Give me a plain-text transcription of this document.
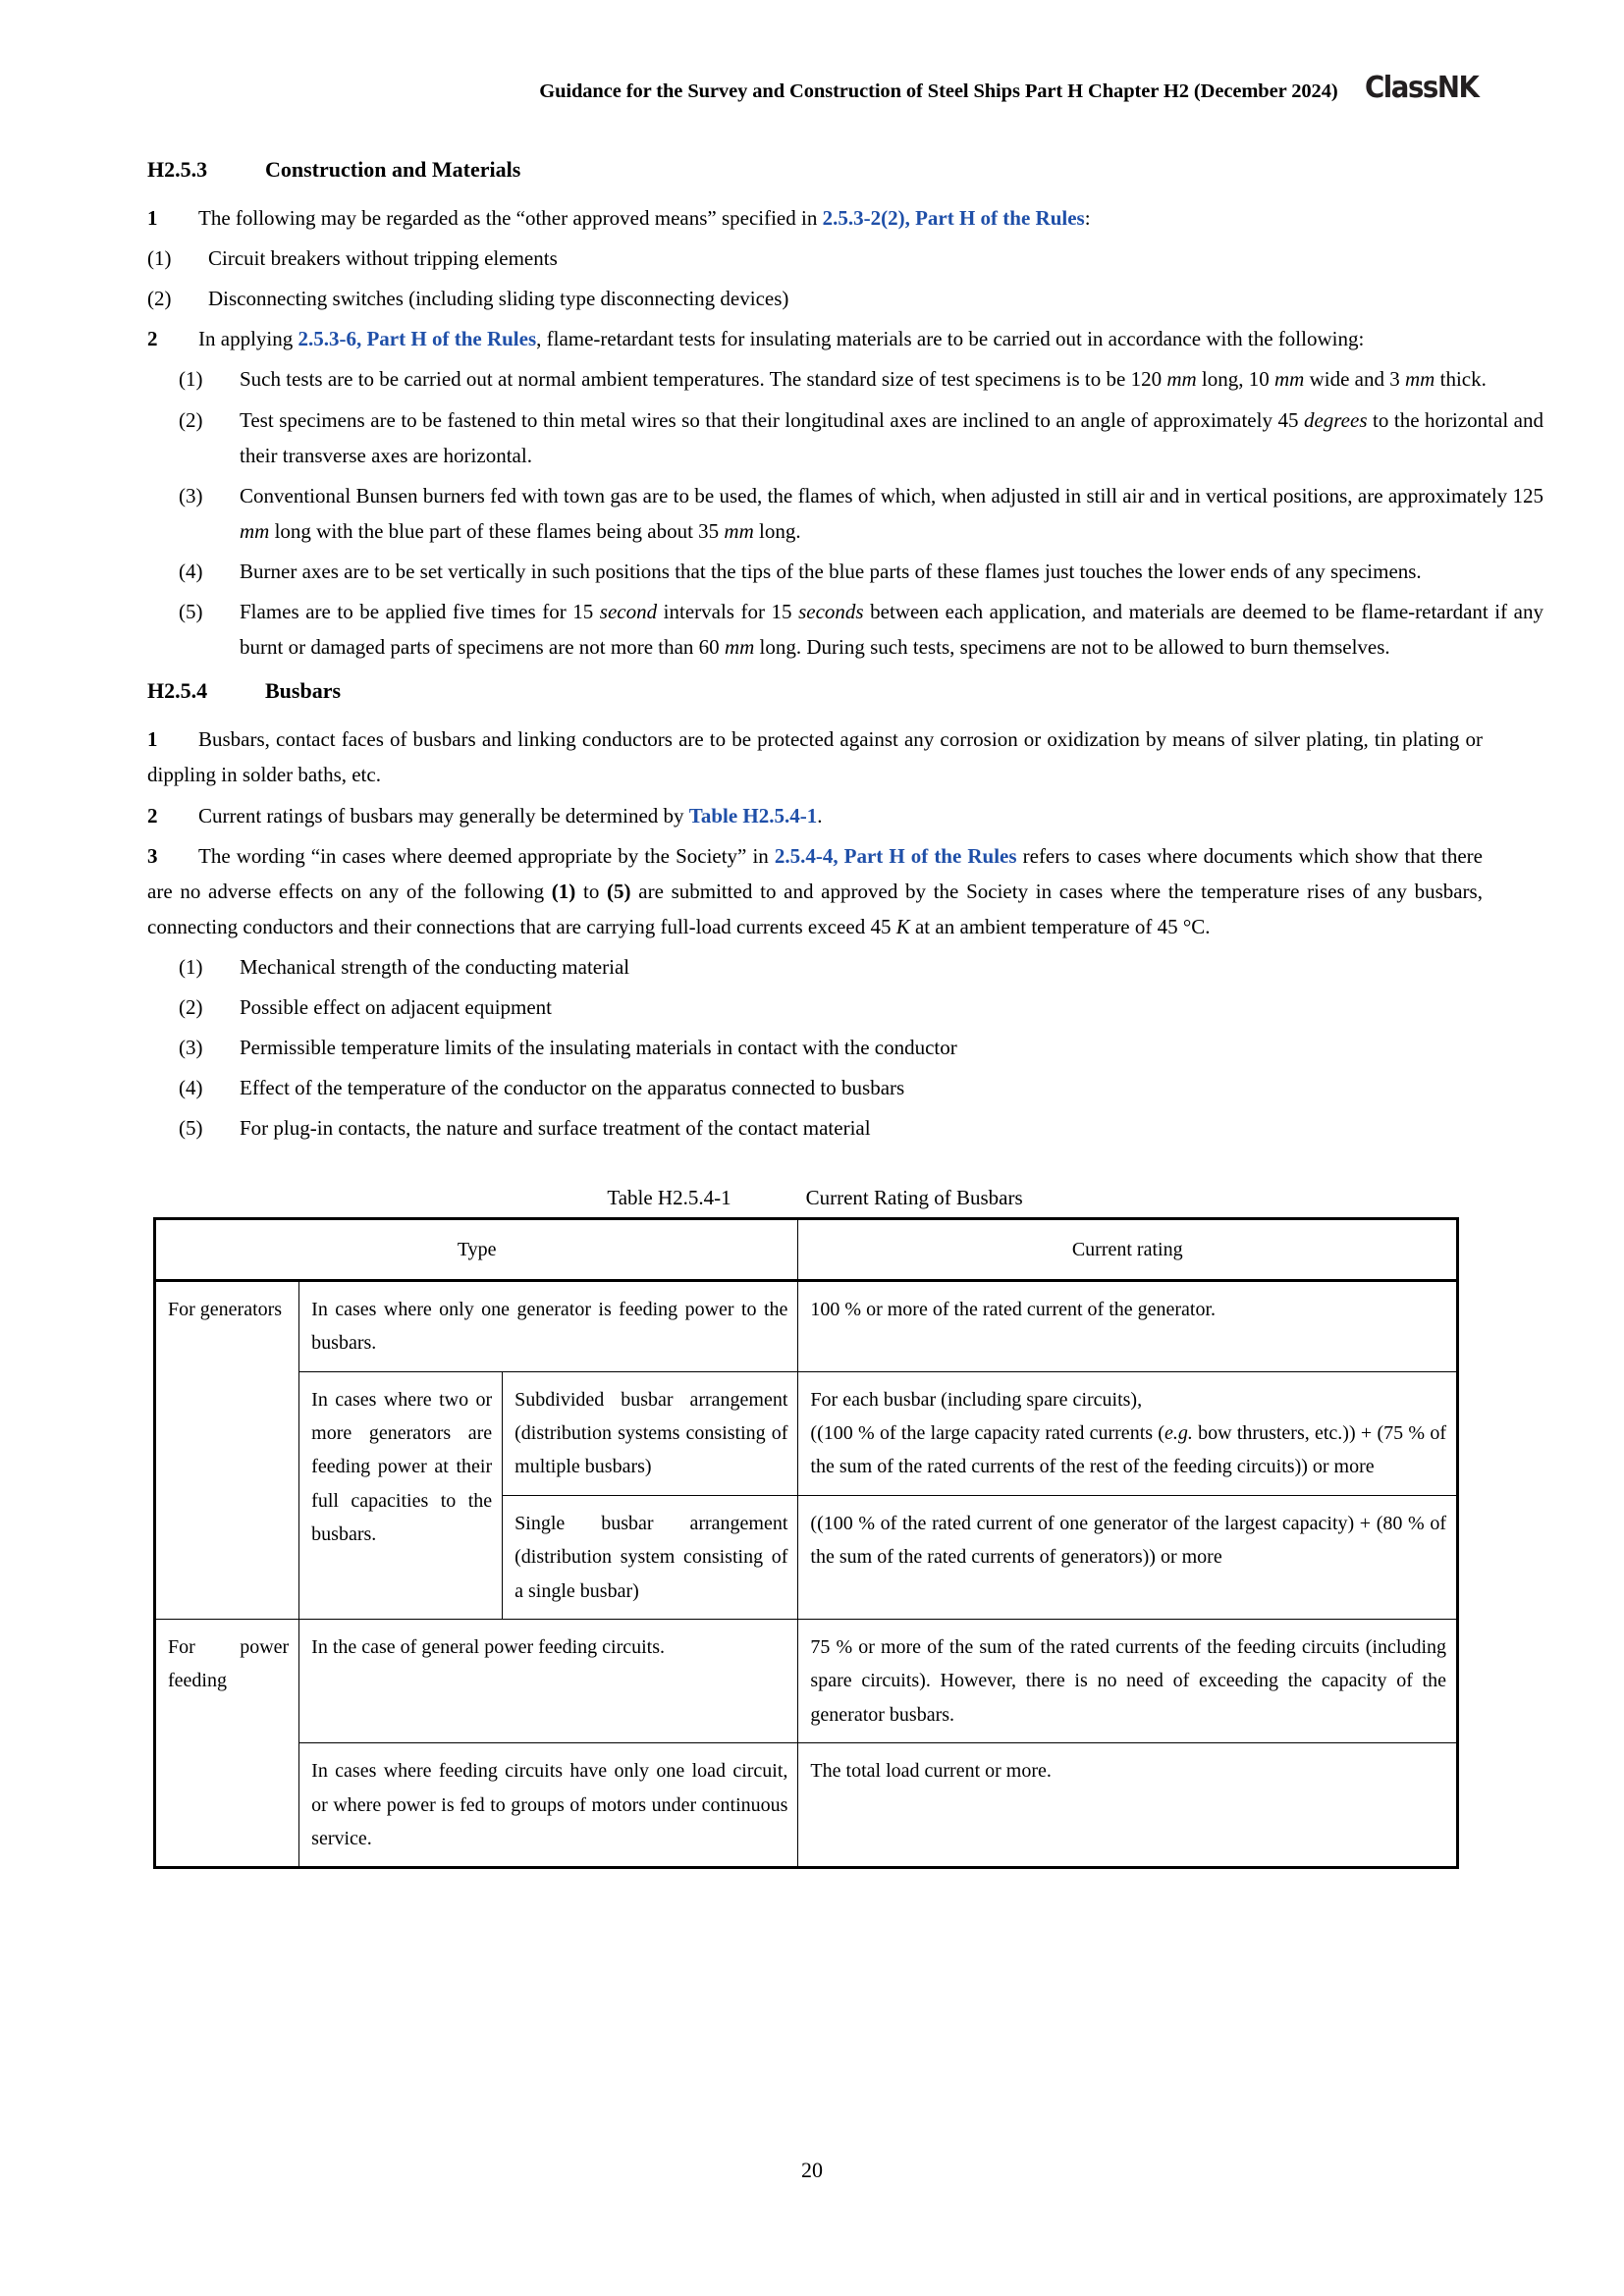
Guidance for the Survey and Construction of Steel Ships Part H Chapter H2 (December 2024) ClassNK
H2.5.3	Construction and Materials

1 The following may be regarded as the “other approved means” specified in 2.5.3-2(2), Part H of the Rules:

(1) Circuit breakers without tripping elements

(2) Disconnecting switches (including sliding type disconnecting devices)

2 In applying 2.5.3-6, Part H of the Rules, flame-retardant tests for insulating materials are to be carried out in accordance with the following:

(1) Such tests are to be carried out at normal ambient temperatures. The standard size of test specimens is to be 120 mm long, 10 mm wide and 3 mm thick.

(2) Test specimens are to be fastened to thin metal wires so that their longitudinal axes are inclined to an angle of approximately 45 degrees to the horizontal and their transverse axes are horizontal.

(3) Conventional Bunsen burners fed with town gas are to be used, the flames of which, when adjusted in still air and in vertical positions, are approximately 125 mm long with the blue part of these flames being about 35 mm long.

(4) Burner axes are to be set vertically in such positions that the tips of the blue parts of these flames just touches the lower ends of any specimens.

(5) Flames are to be applied five times for 15 second intervals for 15 seconds between each application, and materials are deemed to be flame-retardant if any burnt or damaged parts of specimens are not more than 60 mm long. During such tests, specimens are not to be allowed to burn themselves.

H2.5.4	Busbars

1 Busbars, contact faces of busbars and linking conductors are to be protected against any corrosion or oxidization by means of silver plating, tin plating or dippling in solder baths, etc.

2 Current ratings of busbars may generally be determined by Table H2.5.4-1.

3 The wording “in cases where deemed appropriate by the Society” in 2.5.4-4, Part H of the Rules refers to cases where documents which show that there are no adverse effects on any of the following (1) to (5) are submitted to and approved by the Society in cases where the temperature rises of any busbars, connecting conductors and their connections that are carrying full-load currents exceed 45 K at an ambient temperature of 45 °C.

(1) Mechanical strength of the conducting material

(2) Possible effect on adjacent equipment

(3) Permissible temperature limits of the insulating materials in contact with the conductor

(4) Effect of the temperature of the conductor on the apparatus connected to busbars

(5) For plug-in contacts, the nature and surface treatment of the contact material

Table H2.5.4-1	Current Rating of Busbars
Type			Current rating
For generators	In cases where only one generator is feeding power to the busbars.		100 % or more of the rated current of the generator.
	In cases where two or more generators are feeding power at their full capacities to the busbars.	Subdivided busbar arrangement (distribution systems consisting of multiple busbars)	For each busbar (including spare circuits),
((100 % of the large capacity rated currents (e.g. bow thrusters, etc.)) + (75 % of the sum of the rated currents of the rest of the feeding circuits)) or more
		Single busbar arrangement (distribution system consisting of a single busbar)	((100 % of the rated current of one generator of the largest capacity) + (80 % of the sum of the rated currents of generators)) or more
For power feeding	In the case of general power feeding circuits.		75 % or more of the sum of the rated currents of the feeding circuits (including spare circuits). However, there is no need of exceeding the capacity of the generator busbars.
	In cases where feeding circuits have only one load circuit, or where power is fed to groups of motors under continuous service.		The total load current or more.
20
